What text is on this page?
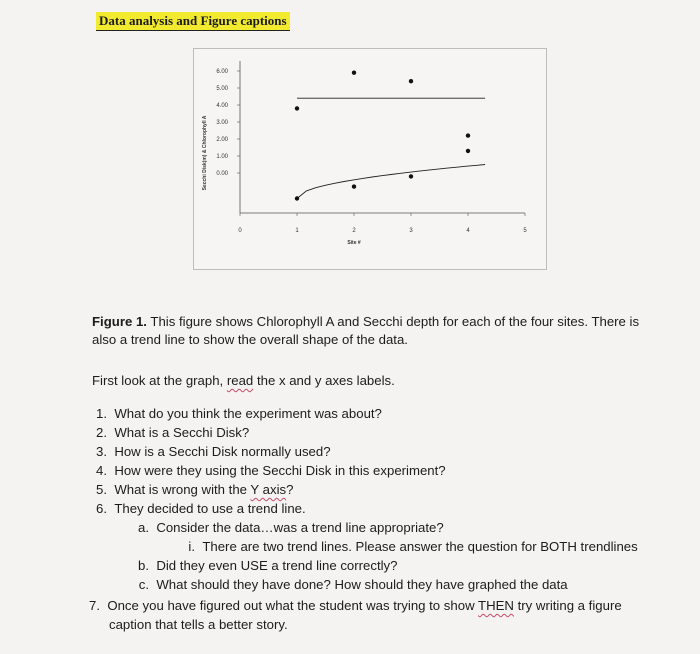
Data analysis and Figure captions
6.00
5.00
4.00
3.00
2.00
1.00
0.00
0	1	2	3	4	5
Site #
Secchi Disk(m) & Chlorophyll A
Figure 1. This figure shows Chlorophyll A and Secchi depth for each of the four sites. There is
also a trend line to show the overall shape of the data.
First look at the graph, read the x and y axes labels.
1. What do you think the experiment was about?
2. What is a Secchi Disk?
3. How is a Secchi Disk normally used?
4. How were they using the Secchi Disk in this experiment?
5. What is wrong with the Y axis?
6. They decided to use a trend line.
a. Consider the data…was a trend line appropriate?
i. There are two trend lines. Please answer the question for BOTH trendlines
b. Did they even USE a trend line correctly?
c. What should they have done? How should they have graphed the data
7. Once you have figured out what the student was trying to show THEN try writing a figure
caption that tells a better story.
